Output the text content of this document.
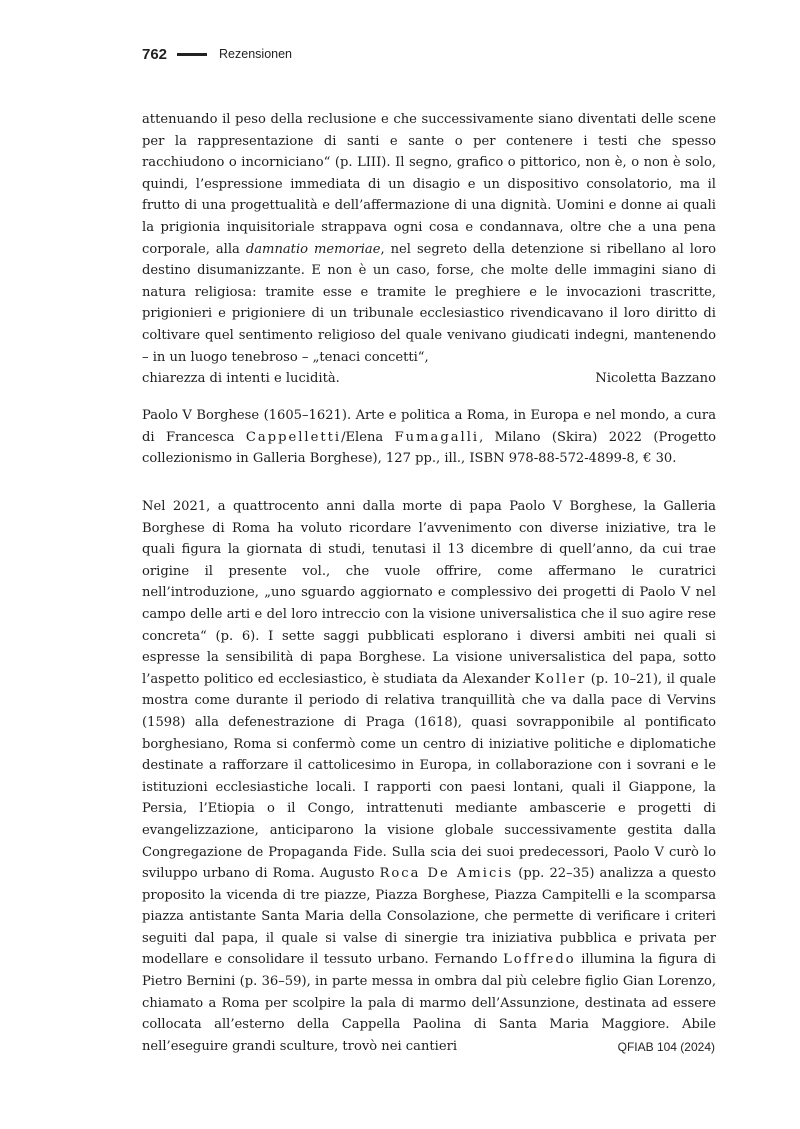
762	Rezensionen

attenuando il peso della reclusione e che successivamente siano diventati delle scene per la rappresentazione di santi e sante o per contenere i testi che spesso racchiudono o incorniciano“ (p. LIII). Il segno, grafico o pittorico, non è, o non è solo, quindi, l’espressione immediata di un disagio e un dispositivo consolatorio, ma il frutto di una progettualità e dell’affermazione di una dignità. Uomini e donne ai quali la prigionia inquisitoriale strappava ogni cosa e condannava, oltre che a una pena corporale, alla damnatio memoriae, nel segreto della detenzione si ribellano al loro destino disumanizzante. E non è un caso, forse, che molte delle immagini siano di natura religiosa: tramite esse e tramite le preghiere e le invocazioni trascritte, prigionieri e prigioniere di un tribunale ecclesiastico rivendicavano il loro diritto di coltivare quel sentimento religioso del quale venivano giudicati indegni, mantenendo – in un luogo tenebroso – „tenaci concetti“,

chiarezza di intenti e lucidità.	Nicoletta Bazzano

Paolo V Borghese (1605–1621). Arte e politica a Roma, in Europa e nel mondo, a cura di Francesca Cappelletti/Elena Fumagalli, Milano (Skira) 2022 (Progetto collezionismo in Galleria Borghese), 127 pp., ill., ISBN 978-88-572-4899-8, € 30.

Nel 2021, a quattrocento anni dalla morte di papa Paolo V Borghese, la Galleria Borghese di Roma ha voluto ricordare l’avvenimento con diverse iniziative, tra le quali figura la giornata di studi, tenutasi il 13 dicembre di quell’anno, da cui trae origine il presente vol., che vuole offrire, come affermano le curatrici nell’introduzione, „uno sguardo aggiornato e complessivo dei progetti di Paolo V nel campo delle arti e del loro intreccio con la visione universalistica che il suo agire rese concreta“ (p. 6). I sette saggi pubblicati esplorano i diversi ambiti nei quali si espresse la sensibilità di papa Borghese. La visione universalistica del papa, sotto l’aspetto politico ed ecclesiastico, è studiata da Alexander Koller (p. 10–21), il quale mostra come durante il periodo di relativa tranquillità che va dalla pace di Vervins (1598) alla defenestrazione di Praga (1618), quasi sovrapponibile al pontificato borghesiano, Roma si confermò come un centro di iniziative politiche e diplomatiche destinate a rafforzare il cattolicesimo in Europa, in collaborazione con i sovrani e le istituzioni ecclesiastiche locali. I rapporti con paesi lontani, quali il Giappone, la Persia, l’Etiopia o il Congo, intrattenuti mediante ambascerie e progetti di evangelizzazione, anticiparono la visione globale successivamente gestita dalla Congregazione de Propaganda Fide. Sulla scia dei suoi predecessori, Paolo V curò lo sviluppo urbano di Roma. Augusto Roca De Amicis (pp. 22–35) analizza a questo proposito la vicenda di tre piazze, Piazza Borghese, Piazza Campitelli e la scomparsa piazza antistante Santa Maria della Consolazione, che permette di verificare i criteri seguiti dal papa, il quale si valse di sinergie tra iniziativa pubblica e privata per modellare e consolidare il tessuto urbano. Fernando Loffredo illumina la figura di Pietro Bernini (p. 36–59), in parte messa in ombra dal più celebre figlio Gian Lorenzo, chiamato a Roma per scolpire la pala di marmo dell’Assunzione, destinata ad essere collocata all’esterno della Cappella Paolina di Santa Maria Maggiore. Abile nell’eseguire grandi sculture, trovò nei cantieri	QFIAB 104 (2024)
